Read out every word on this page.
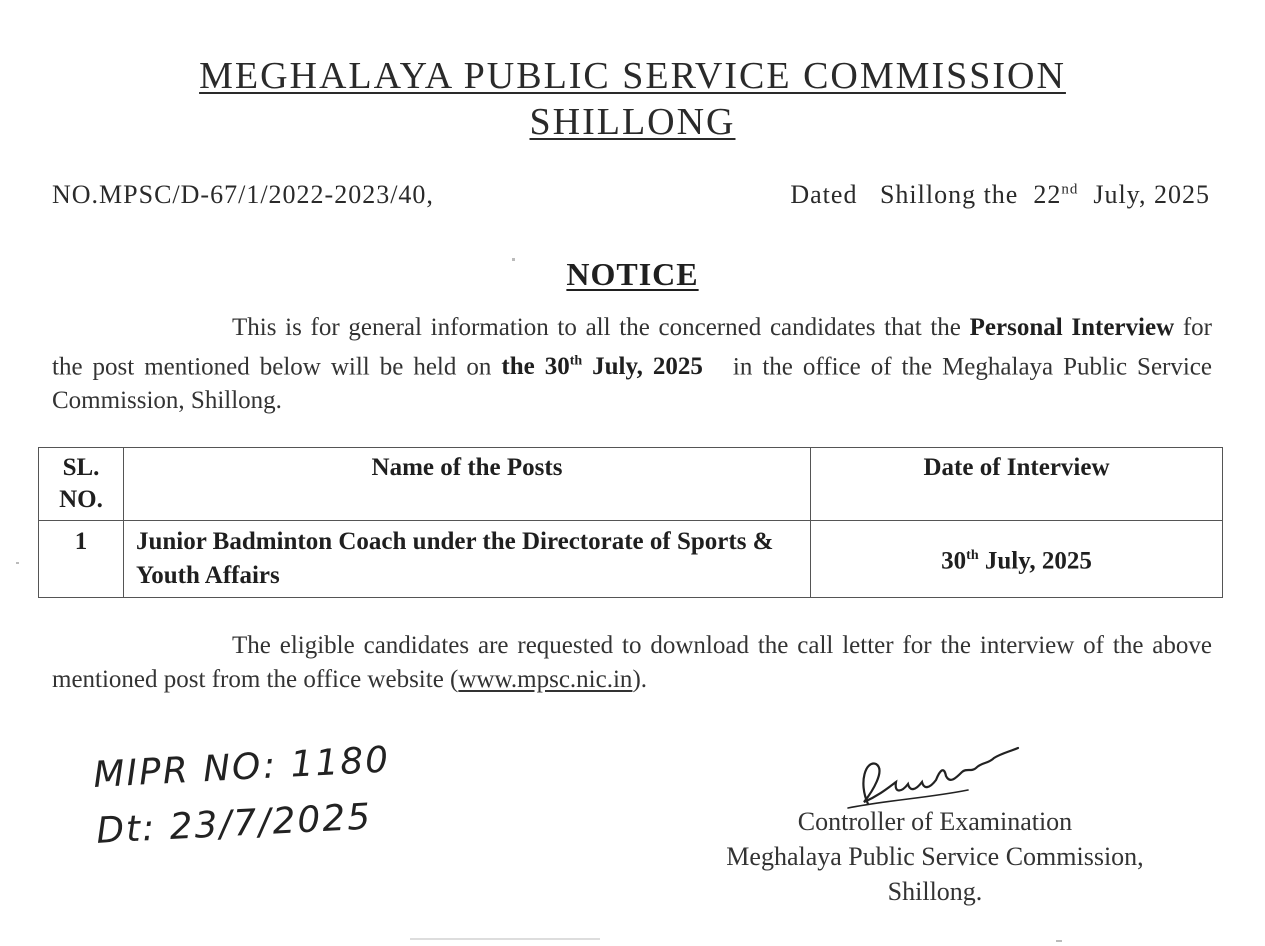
MEGHALAYA PUBLIC SERVICE COMMISSION
SHILLONG
NO.MPSC/D-67/1/2022-2023/40,	Dated   Shillong the  22nd  July, 2025
NOTICE
This is for general information to all the concerned candidates that the Personal Interview for the post mentioned below will be held on the 30th July, 2025   in the office of the Meghalaya Public Service Commission, Shillong.
SL. NO.	Name of the Posts	Date of Interview
1	Junior Badminton Coach under the Directorate of Sports & Youth Affairs	30th July, 2025
The eligible candidates are requested to download the call letter for the interview of the above mentioned post from the office website (www.mpsc.nic.in).
MIPR NO: 1180
Dt: 23/7/2025	Controller of Examination
Meghalaya Public Service Commission,
Shillong.
